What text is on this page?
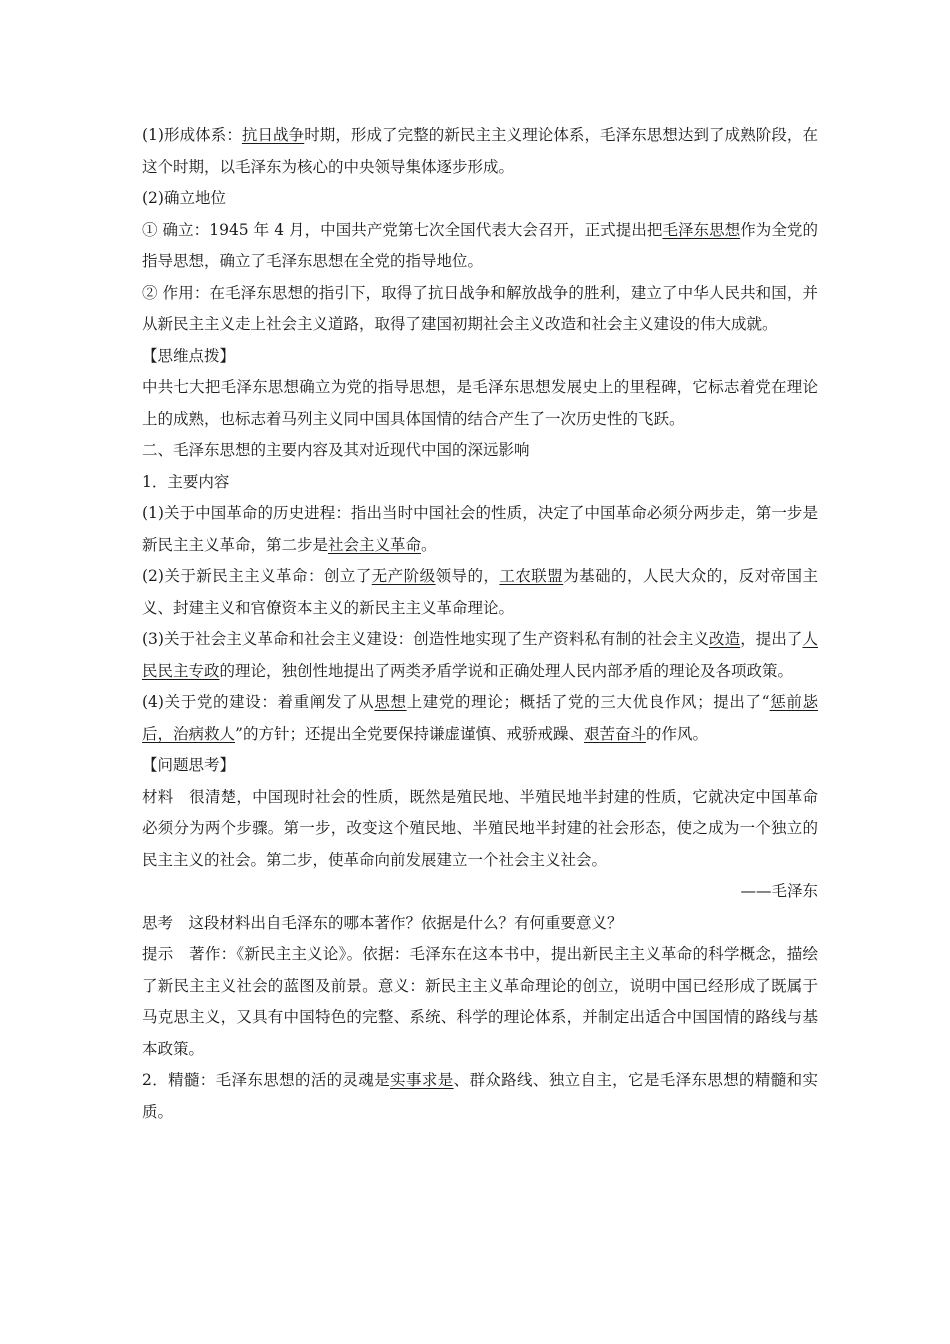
(1)形成体系：抗日战争时期，形成了完整的新民主主义理论体系，毛泽东思想达到了成熟阶段，在这个时期，以毛泽东为核心的中央领导集体逐步形成。

(2)确立地位

① 确立：1945 年 4 月，中国共产党第七次全国代表大会召开，正式提出把毛泽东思想作为全党的指导思想，确立了毛泽东思想在全党的指导地位。

② 作用：在毛泽东思想的指引下，取得了抗日战争和解放战争的胜利，建立了中华人民共和国，并从新民主主义走上社会主义道路，取得了建国初期社会主义改造和社会主义建设的伟大成就。

【思维点拨】

中共七大把毛泽东思想确立为党的指导思想，是毛泽东思想发展史上的里程碑，它标志着党在理论上的成熟，也标志着马列主义同中国具体国情的结合产生了一次历史性的飞跃。

二、毛泽东思想的主要内容及其对近现代中国的深远影响

1．主要内容

(1)关于中国革命的历史进程：指出当时中国社会的性质，决定了中国革命必须分两步走，第一步是新民主主义革命，第二步是社会主义革命。

(2)关于新民主主义革命：创立了无产阶级领导的，工农联盟为基础的，人民大众的，反对帝国主义、封建主义和官僚资本主义的新民主主义革命理论。

(3)关于社会主义革命和社会主义建设：创造性地实现了生产资料私有制的社会主义改造，提出了人民民主专政的理论，独创性地提出了两类矛盾学说和正确处理人民内部矛盾的理论及各项政策。

(4)关于党的建设：着重阐发了从思想上建党的理论；概括了党的三大优良作风；提出了“惩前毖后，治病救人”的方针；还提出全党要保持谦虚谨慎、戒骄戒躁、艰苦奋斗的作风。

【问题思考】

材料　很清楚，中国现时社会的性质，既然是殖民地、半殖民地半封建的性质，它就决定中国革命必须分为两个步骤。第一步，改变这个殖民地、半殖民地半封建的社会形态，使之成为一个独立的民主主义的社会。第二步，使革命向前发展建立一个社会主义社会。

——毛泽东

思考　这段材料出自毛泽东的哪本著作？依据是什么？有何重要意义？

提示　著作：《新民主主义论》。依据：毛泽东在这本书中，提出新民主主义革命的科学概念，描绘了新民主主义社会的蓝图及前景。意义：新民主主义革命理论的创立，说明中国已经形成了既属于马克思主义，又具有中国特色的完整、系统、科学的理论体系，并制定出适合中国国情的路线与基本政策。

2．精髓：毛泽东思想的活的灵魂是实事求是、群众路线、独立自主，它是毛泽东思想的精髓和实质。
